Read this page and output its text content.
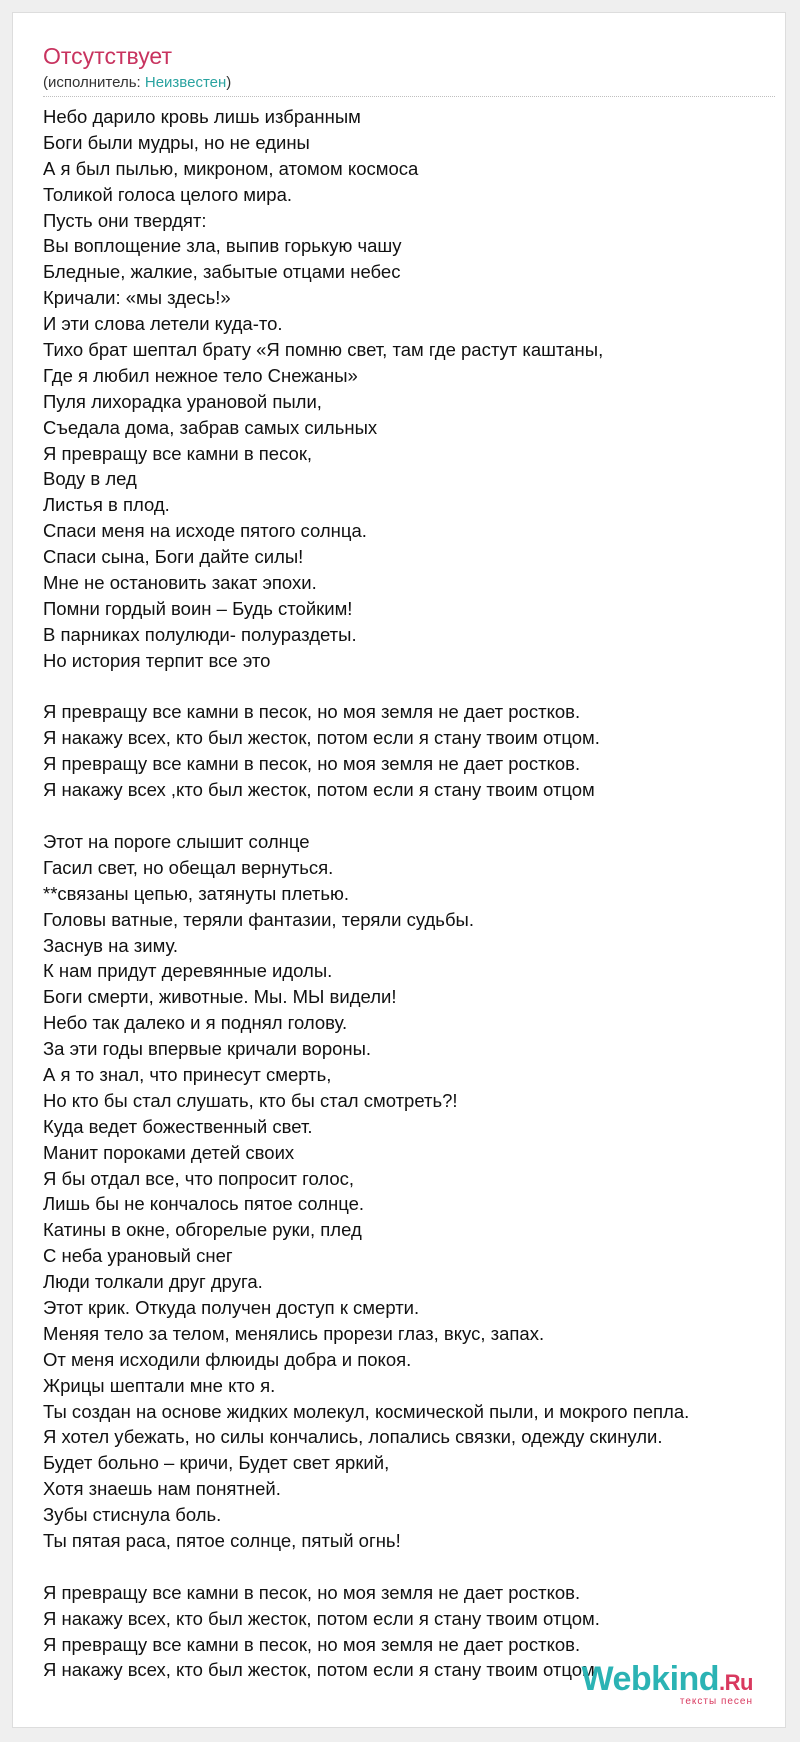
Отсутствует
(исполнитель: Неизвестен)
Небо дарило кровь лишь избранным
Боги были мудры, но не едины
А я был пылью, микроном, атомом космоса
Толикой голоса целого мира.
Пусть они твердят:
Вы воплощение зла, выпив горькую чашу
Бледные, жалкие, забытые отцами небес
Кричали: «мы здесь!»
И эти слова летели куда-то.
Тихо брат шептал брату «Я помню свет, там где растут каштаны,
Где я любил нежное тело Снежаны»
Пуля лихорадка урановой пыли,
Съедала дома, забрав самых сильных
Я превращу все камни в песок,
Воду в лед
Листья в плод.
Спаси меня на исходе пятого солнца.
Спаси сына, Боги дайте силы!
Мне не остановить закат эпохи.
Помни гордый воин – Будь стойким!
В парниках полулюди- полураздеты.
Но история терпит все это
Я превращу все камни в песок, но моя земля не дает ростков.
Я накажу всех, кто был жесток, потом если я стану твоим отцом.
Я превращу все камни в песок, но моя земля не дает ростков.
Я накажу всех ,кто был жесток, потом если я стану твоим отцом
Этот на пороге слышит солнце
Гасил свет, но обещал вернуться.
**связаны цепью, затянуты плетью.
Головы ватные, теряли фантазии, теряли судьбы.
Заснув на зиму.
К нам придут деревянные идолы.
Боги смерти, животные. Мы. МЫ видели!
Небо так далеко и я поднял голову.
За эти годы впервые кричали вороны.
А я то знал, что принесут смерть,
Но кто бы стал слушать, кто бы стал смотреть?!
Куда ведет божественный свет.
Манит пороками детей своих
Я бы отдал все, что попросит голос,
Лишь бы не кончалось пятое солнце.
Катины в окне, обгорелые руки, плед
С неба урановый снег
Люди толкали друг друга.
Этот крик. Откуда получен доступ к смерти.
Меняя тело за телом, менялись прорези глаз, вкус, запах.
От меня исходили флюиды добра и покоя.
Жрицы шептали мне кто я.
Ты создан на основе жидких молекул, космической пыли, и мокрого пепла.
Я хотел убежать, но силы кончались, лопались связки, одежду скинули.
Будет больно – кричи, Будет свет яркий,
Хотя знаешь нам понятней.
Зубы стиснула боль.
Ты пятая раса, пятое солнце, пятый огнь!
Я превращу все камни в песок, но моя земля не дает ростков.
Я накажу всех, кто был жесток, потом если я стану твоим отцом.
Я превращу все камни в песок, но моя земля не дает ростков.
Я накажу всех, кто был жесток, потом если я стану твоим отцом
Webkind.Ru
тексты песен
